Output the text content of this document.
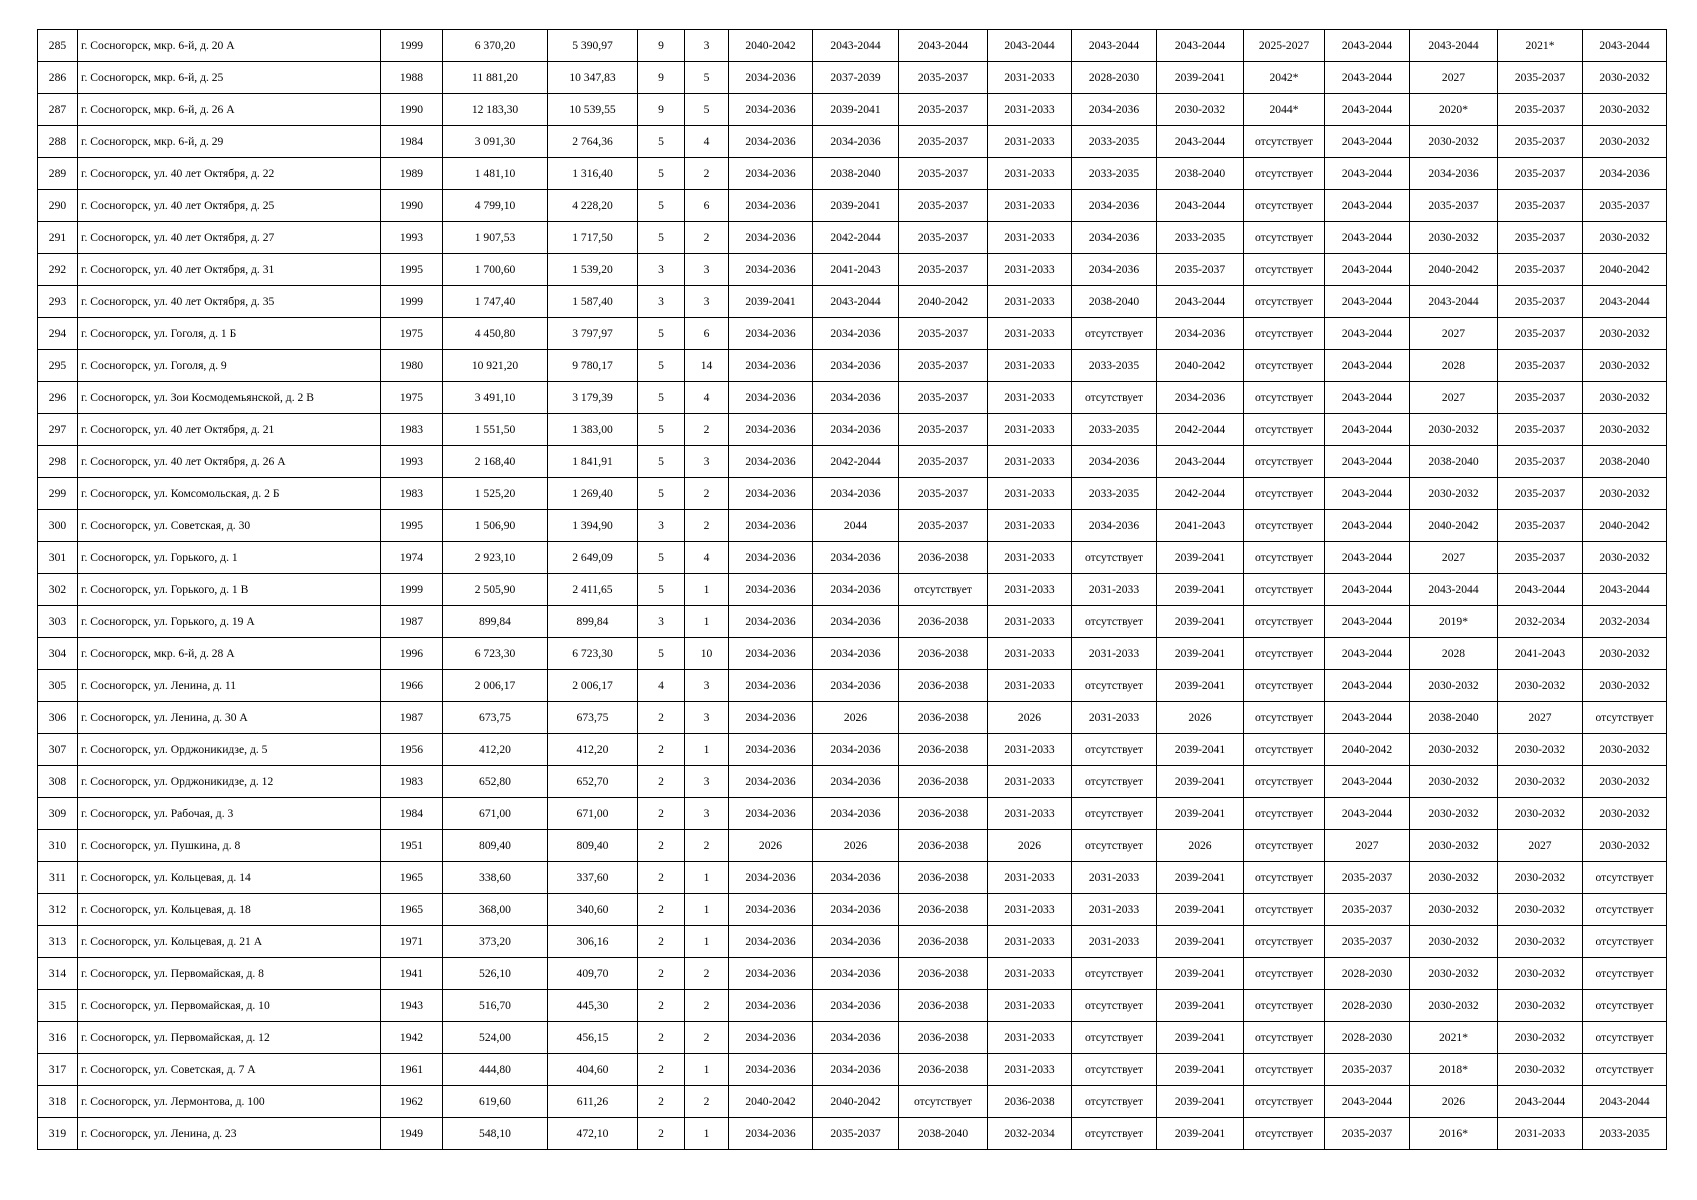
285	г. Сосногорск, мкр. 6-й, д. 20 А	1999	6 370,20	5 390,97	9	3	2040-2042	2043-2044	2043-2044	2043-2044	2043-2044	2043-2044	2025-2027	2043-2044	2043-2044	2021*	2043-2044
286	г. Сосногорск, мкр. 6-й, д. 25	1988	11 881,20	10 347,83	9	5	2034-2036	2037-2039	2035-2037	2031-2033	2028-2030	2039-2041	2042*	2043-2044	2027	2035-2037	2030-2032
287	г. Сосногорск, мкр. 6-й, д. 26 А	1990	12 183,30	10 539,55	9	5	2034-2036	2039-2041	2035-2037	2031-2033	2034-2036	2030-2032	2044*	2043-2044	2020*	2035-2037	2030-2032
288	г. Сосногорск, мкр. 6-й, д. 29	1984	3 091,30	2 764,36	5	4	2034-2036	2034-2036	2035-2037	2031-2033	2033-2035	2043-2044	отсутствует	2043-2044	2030-2032	2035-2037	2030-2032
289	г. Сосногорск, ул. 40 лет Октября, д. 22	1989	1 481,10	1 316,40	5	2	2034-2036	2038-2040	2035-2037	2031-2033	2033-2035	2038-2040	отсутствует	2043-2044	2034-2036	2035-2037	2034-2036
290	г. Сосногорск, ул. 40 лет Октября, д. 25	1990	4 799,10	4 228,20	5	6	2034-2036	2039-2041	2035-2037	2031-2033	2034-2036	2043-2044	отсутствует	2043-2044	2035-2037	2035-2037	2035-2037
291	г. Сосногорск, ул. 40 лет Октября, д. 27	1993	1 907,53	1 717,50	5	2	2034-2036	2042-2044	2035-2037	2031-2033	2034-2036	2033-2035	отсутствует	2043-2044	2030-2032	2035-2037	2030-2032
292	г. Сосногорск, ул. 40 лет Октября, д. 31	1995	1 700,60	1 539,20	3	3	2034-2036	2041-2043	2035-2037	2031-2033	2034-2036	2035-2037	отсутствует	2043-2044	2040-2042	2035-2037	2040-2042
293	г. Сосногорск, ул. 40 лет Октября, д. 35	1999	1 747,40	1 587,40	3	3	2039-2041	2043-2044	2040-2042	2031-2033	2038-2040	2043-2044	отсутствует	2043-2044	2043-2044	2035-2037	2043-2044
294	г. Сосногорск, ул. Гоголя, д. 1 Б	1975	4 450,80	3 797,97	5	6	2034-2036	2034-2036	2035-2037	2031-2033	отсутствует	2034-2036	отсутствует	2043-2044	2027	2035-2037	2030-2032
295	г. Сосногорск, ул. Гоголя, д. 9	1980	10 921,20	9 780,17	5	14	2034-2036	2034-2036	2035-2037	2031-2033	2033-2035	2040-2042	отсутствует	2043-2044	2028	2035-2037	2030-2032
296	г. Сосногорск, ул. Зои Космодемьянской, д. 2 В	1975	3 491,10	3 179,39	5	4	2034-2036	2034-2036	2035-2037	2031-2033	отсутствует	2034-2036	отсутствует	2043-2044	2027	2035-2037	2030-2032
297	г. Сосногорск, ул. 40 лет Октября, д. 21	1983	1 551,50	1 383,00	5	2	2034-2036	2034-2036	2035-2037	2031-2033	2033-2035	2042-2044	отсутствует	2043-2044	2030-2032	2035-2037	2030-2032
298	г. Сосногорск, ул. 40 лет Октября, д. 26 А	1993	2 168,40	1 841,91	5	3	2034-2036	2042-2044	2035-2037	2031-2033	2034-2036	2043-2044	отсутствует	2043-2044	2038-2040	2035-2037	2038-2040
299	г. Сосногорск, ул. Комсомольская, д. 2 Б	1983	1 525,20	1 269,40	5	2	2034-2036	2034-2036	2035-2037	2031-2033	2033-2035	2042-2044	отсутствует	2043-2044	2030-2032	2035-2037	2030-2032
300	г. Сосногорск, ул. Советская, д. 30	1995	1 506,90	1 394,90	3	2	2034-2036	2044	2035-2037	2031-2033	2034-2036	2041-2043	отсутствует	2043-2044	2040-2042	2035-2037	2040-2042
301	г. Сосногорск, ул. Горького, д. 1	1974	2 923,10	2 649,09	5	4	2034-2036	2034-2036	2036-2038	2031-2033	отсутствует	2039-2041	отсутствует	2043-2044	2027	2035-2037	2030-2032
302	г. Сосногорск, ул. Горького, д. 1 В	1999	2 505,90	2 411,65	5	1	2034-2036	2034-2036	отсутствует	2031-2033	2031-2033	2039-2041	отсутствует	2043-2044	2043-2044	2043-2044	2043-2044
303	г. Сосногорск, ул. Горького, д. 19 А	1987	899,84	899,84	3	1	2034-2036	2034-2036	2036-2038	2031-2033	отсутствует	2039-2041	отсутствует	2043-2044	2019*	2032-2034	2032-2034
304	г. Сосногорск, мкр. 6-й, д. 28 А	1996	6 723,30	6 723,30	5	10	2034-2036	2034-2036	2036-2038	2031-2033	2031-2033	2039-2041	отсутствует	2043-2044	2028	2041-2043	2030-2032
305	г. Сосногорск, ул. Ленина, д. 11	1966	2 006,17	2 006,17	4	3	2034-2036	2034-2036	2036-2038	2031-2033	отсутствует	2039-2041	отсутствует	2043-2044	2030-2032	2030-2032	2030-2032
306	г. Сосногорск, ул. Ленина, д. 30 А	1987	673,75	673,75	2	3	2034-2036	2026	2036-2038	2026	2031-2033	2026	отсутствует	2043-2044	2038-2040	2027	отсутствует
307	г. Сосногорск, ул. Орджоникидзе, д. 5	1956	412,20	412,20	2	1	2034-2036	2034-2036	2036-2038	2031-2033	отсутствует	2039-2041	отсутствует	2040-2042	2030-2032	2030-2032	2030-2032
308	г. Сосногорск, ул. Орджоникидзе, д. 12	1983	652,80	652,70	2	3	2034-2036	2034-2036	2036-2038	2031-2033	отсутствует	2039-2041	отсутствует	2043-2044	2030-2032	2030-2032	2030-2032
309	г. Сосногорск, ул. Рабочая, д. 3	1984	671,00	671,00	2	3	2034-2036	2034-2036	2036-2038	2031-2033	отсутствует	2039-2041	отсутствует	2043-2044	2030-2032	2030-2032	2030-2032
310	г. Сосногорск, ул. Пушкина, д. 8	1951	809,40	809,40	2	2	2026	2026	2036-2038	2026	отсутствует	2026	отсутствует	2027	2030-2032	2027	2030-2032
311	г. Сосногорск, ул. Кольцевая, д. 14	1965	338,60	337,60	2	1	2034-2036	2034-2036	2036-2038	2031-2033	2031-2033	2039-2041	отсутствует	2035-2037	2030-2032	2030-2032	отсутствует
312	г. Сосногорск, ул. Кольцевая, д. 18	1965	368,00	340,60	2	1	2034-2036	2034-2036	2036-2038	2031-2033	2031-2033	2039-2041	отсутствует	2035-2037	2030-2032	2030-2032	отсутствует
313	г. Сосногорск, ул. Кольцевая, д. 21 А	1971	373,20	306,16	2	1	2034-2036	2034-2036	2036-2038	2031-2033	2031-2033	2039-2041	отсутствует	2035-2037	2030-2032	2030-2032	отсутствует
314	г. Сосногорск, ул. Первомайская, д. 8	1941	526,10	409,70	2	2	2034-2036	2034-2036	2036-2038	2031-2033	отсутствует	2039-2041	отсутствует	2028-2030	2030-2032	2030-2032	отсутствует
315	г. Сосногорск, ул. Первомайская, д. 10	1943	516,70	445,30	2	2	2034-2036	2034-2036	2036-2038	2031-2033	отсутствует	2039-2041	отсутствует	2028-2030	2030-2032	2030-2032	отсутствует
316	г. Сосногорск, ул. Первомайская, д. 12	1942	524,00	456,15	2	2	2034-2036	2034-2036	2036-2038	2031-2033	отсутствует	2039-2041	отсутствует	2028-2030	2021*	2030-2032	отсутствует
317	г. Сосногорск, ул. Советская, д. 7 А	1961	444,80	404,60	2	1	2034-2036	2034-2036	2036-2038	2031-2033	отсутствует	2039-2041	отсутствует	2035-2037	2018*	2030-2032	отсутствует
318	г. Сосногорск, ул. Лермонтова, д. 100	1962	619,60	611,26	2	2	2040-2042	2040-2042	отсутствует	2036-2038	отсутствует	2039-2041	отсутствует	2043-2044	2026	2043-2044	2043-2044
319	г. Сосногорск, ул. Ленина, д. 23	1949	548,10	472,10	2	1	2034-2036	2035-2037	2038-2040	2032-2034	отсутствует	2039-2041	отсутствует	2035-2037	2016*	2031-2033	2033-2035
